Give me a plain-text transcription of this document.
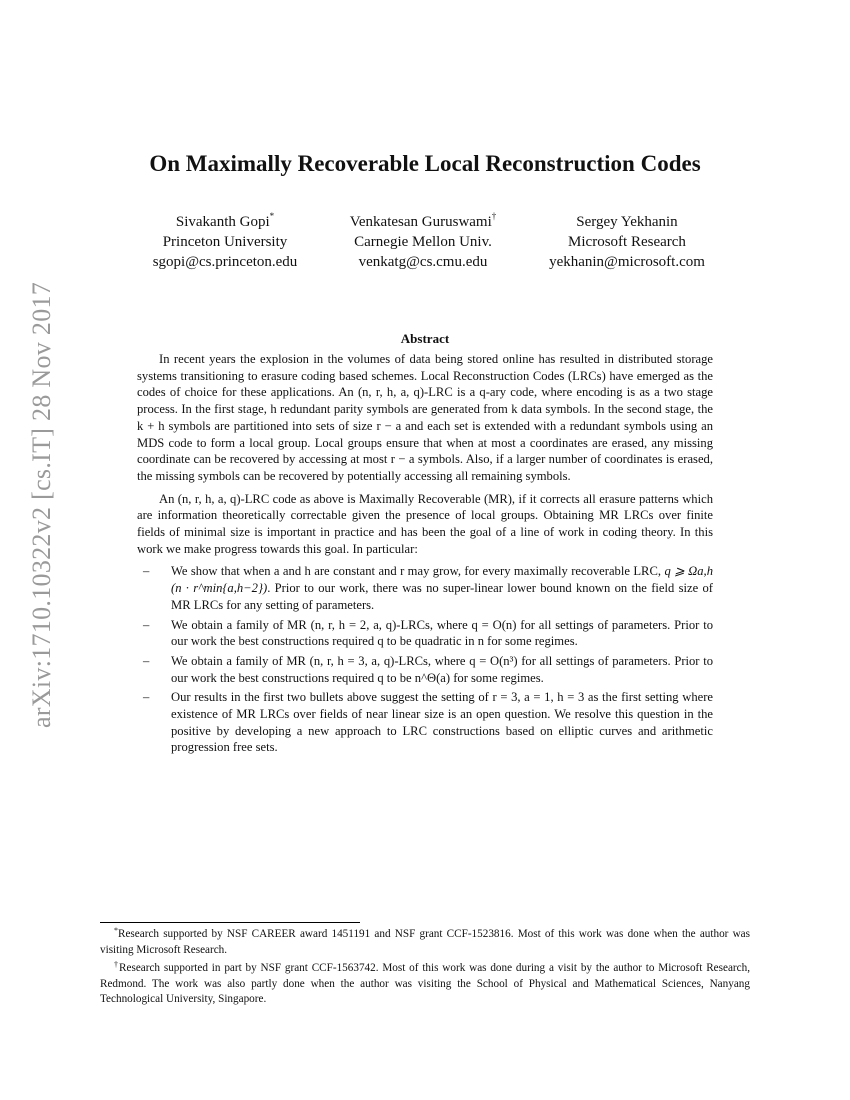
arXiv:1710.10322v2 [cs.IT] 28 Nov 2017
On Maximally Recoverable Local Reconstruction Codes
Sivakanth Gopi*
Princeton University
sgopi@cs.princeton.edu
Venkatesan Guruswami†
Carnegie Mellon Univ.
venkatg@cs.cmu.edu
Sergey Yekhanin
Microsoft Research
yekhanin@microsoft.com
Abstract

In recent years the explosion in the volumes of data being stored online has resulted in distributed storage systems transitioning to erasure coding based schemes. Local Reconstruction Codes (LRCs) have emerged as the codes of choice for these applications. An (n, r, h, a, q)-LRC is a q-ary code, where encoding is as a two stage process. In the first stage, h redundant parity symbols are generated from k data symbols. In the second stage, the k + h symbols are partitioned into sets of size r − a and each set is extended with a redundant symbols using an MDS code to form a local group. Local groups ensure that when at most a coordinates are erased, any missing coordinate can be recovered by accessing at most r − a symbols. Also, if a larger number of coordinates is erased, the missing symbols can be recovered by potentially accessing all remaining symbols.

An (n, r, h, a, q)-LRC code as above is Maximally Recoverable (MR), if it corrects all erasure patterns which are information theoretically correctable given the presence of local groups. Obtaining MR LRCs over finite fields of minimal size is important in practice and has been the goal of a line of work in coding theory. In this work we make progress towards this goal. In particular:

– We show that when a and h are constant and r may grow, for every maximally recoverable LRC, q ⩾ Ωa,h (n · r^min{a,h−2}). Prior to our work, there was no super-linear lower bound known on the field size of MR LRCs for any setting of parameters.
– We obtain a family of MR (n, r, h = 2, a, q)-LRCs, where q = O(n) for all settings of parameters. Prior to our work the best constructions required q to be quadratic in n for some regimes.
– We obtain a family of MR (n, r, h = 3, a, q)-LRCs, where q = O(n³) for all settings of parameters. Prior to our work the best constructions required q to be n^Θ(a) for some regimes.
– Our results in the first two bullets above suggest the setting of r = 3, a = 1, h = 3 as the first setting where existence of MR LRCs over fields of near linear size is an open question. We resolve this question in the positive by developing a new approach to LRC constructions based on elliptic curves and arithmetic progression free sets.

*Research supported by NSF CAREER award 1451191 and NSF grant CCF-1523816. Most of this work was done when the author was visiting Microsoft Research.

†Research supported in part by NSF grant CCF-1563742. Most of this work was done during a visit by the author to Microsoft Research, Redmond. The work was also partly done when the author was visiting the School of Physical and Mathematical Sciences, Nanyang Technological University, Singapore.
